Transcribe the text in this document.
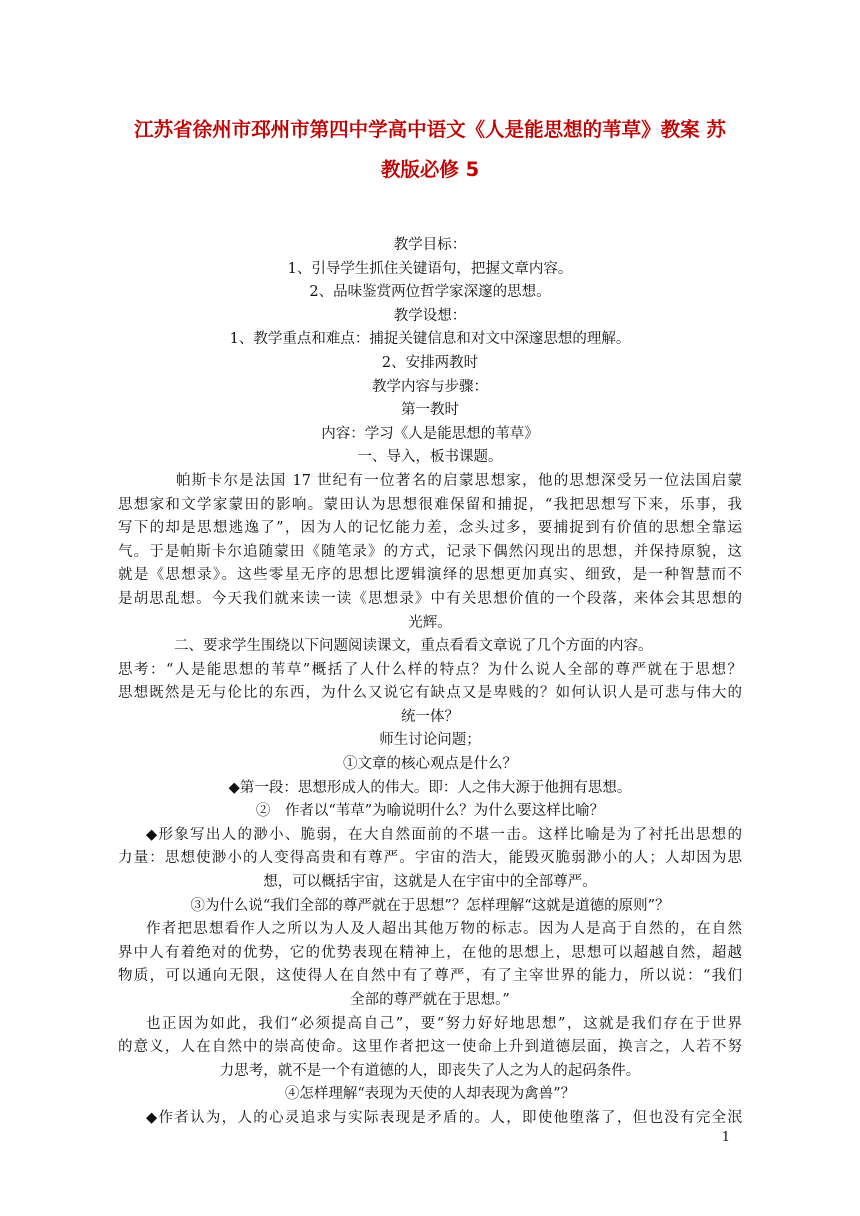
江苏省徐州市邳州市第四中学高中语文《人是能思想的苇草》教案 苏
教版必修 5
教学目标：
1、引导学生抓住关键语句，把握文章内容。
2、品味鉴赏两位哲学家深邃的思想。
教学设想：
1、教学重点和难点：捕捉关键信息和对文中深邃思想的理解。
2、安排两教时
教学内容与步骤：
第一教时
内容：学习《人是能思想的苇草》
一、导入，板书课题。
帕斯卡尔是法国 17 世纪有一位著名的启蒙思想家，他的思想深受另一位法国启蒙
思想家和文学家蒙田的影响。蒙田认为思想很难保留和捕捉，“我把思想写下来，乐事，我
写下的却是思想逃逸了”，因为人的记忆能力差，念头过多，要捕捉到有价值的思想全靠运
气。于是帕斯卡尔追随蒙田《随笔录》的方式，记录下偶然闪现出的思想，并保持原貌，这
就是《思想录》。这些零星无序的思想比逻辑演绎的思想更加真实、细致，是一种智慧而不
是胡思乱想。今天我们就来读一读《思想录》中有关思想价值的一个段落，来体会其思想的
光辉。
二、要求学生围绕以下问题阅读课文，重点看看文章说了几个方面的内容。
思考：“人是能思想的苇草”概括了人什么样的特点？为什么说人全部的尊严就在于思想？
思想既然是无与伦比的东西，为什么又说它有缺点又是卑贱的？如何认识人是可悲与伟大的
统一体？
师生讨论问题；
①文章的核心观点是什么？
◆第一段：思想形成人的伟大。即：人之伟大源于他拥有思想。
②　作者以“苇草”为喻说明什么？为什么要这样比喻？
◆形象写出人的渺小、脆弱，在大自然面前的不堪一击。这样比喻是为了衬托出思想的
力量：思想使渺小的人变得高贵和有尊严。宇宙的浩大，能毁灭脆弱渺小的人；人却因为思
想，可以概括宇宙，这就是人在宇宙中的全部尊严。
③为什么说“我们全部的尊严就在于思想”？怎样理解“这就是道德的原则”？
作者把思想看作人之所以为人及人超出其他万物的标志。因为人是高于自然的，在自然
界中人有着绝对的优势，它的优势表现在精神上，在他的思想上，思想可以超越自然，超越
物质，可以通向无限，这使得人在自然中有了尊严，有了主宰世界的能力，所以说：“我们
全部的尊严就在于思想。”
也正因为如此，我们“必须提高自己”，要“努力好好地思想”，这就是我们存在于世界
的意义，人在自然中的崇高使命。这里作者把这一使命上升到道德层面，换言之，人若不努
力思考，就不是一个有道德的人，即丧失了人之为人的起码条件。
④怎样理解“表现为天使的人却表现为禽兽”？
◆作者认为，人的心灵追求与实际表现是矛盾的。人，即使他堕落了，但也没有完全泯
1
